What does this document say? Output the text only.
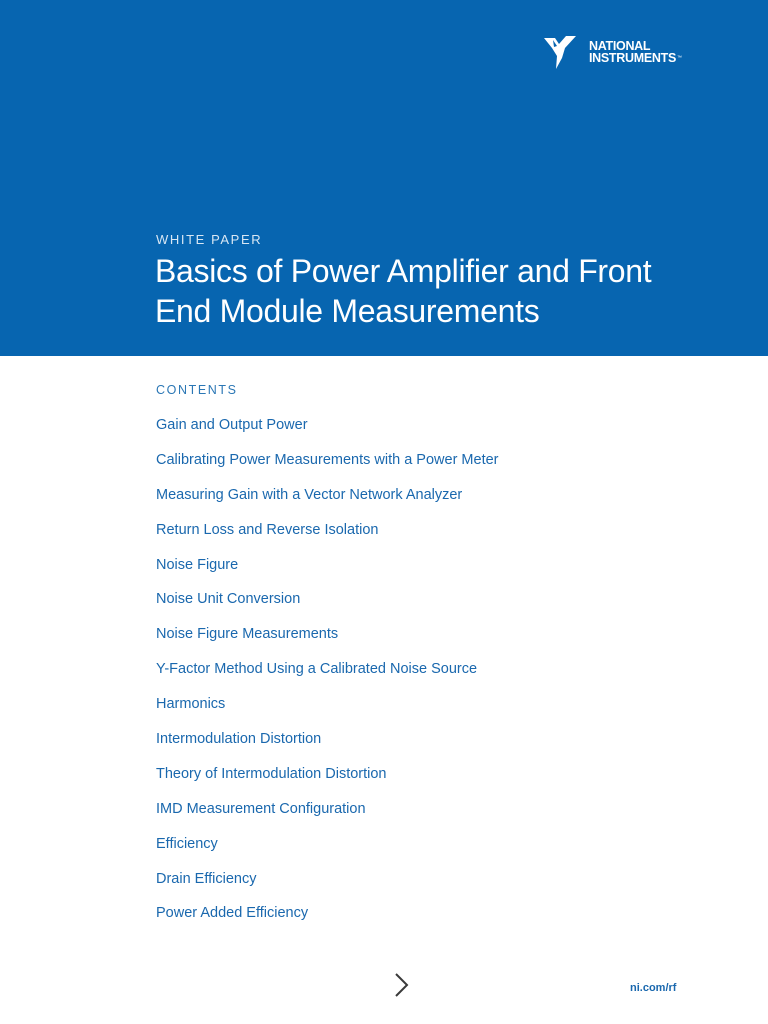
NATIONAL
INSTRUMENTS™
WHITE PAPER
Basics of Power Amplifier and Front End Module Measurements
CONTENTS
Gain and Output Power
Calibrating Power Measurements with a Power Meter
Measuring Gain with a Vector Network Analyzer
Return Loss and Reverse Isolation
Noise Figure
Noise Unit Conversion
Noise Figure Measurements
Y-Factor Method Using a Calibrated Noise Source
Harmonics
Intermodulation Distortion
Theory of Intermodulation Distortion
IMD Measurement Configuration
Efficiency
Drain Efficiency
Power Added Efficiency
ni.com/rf
